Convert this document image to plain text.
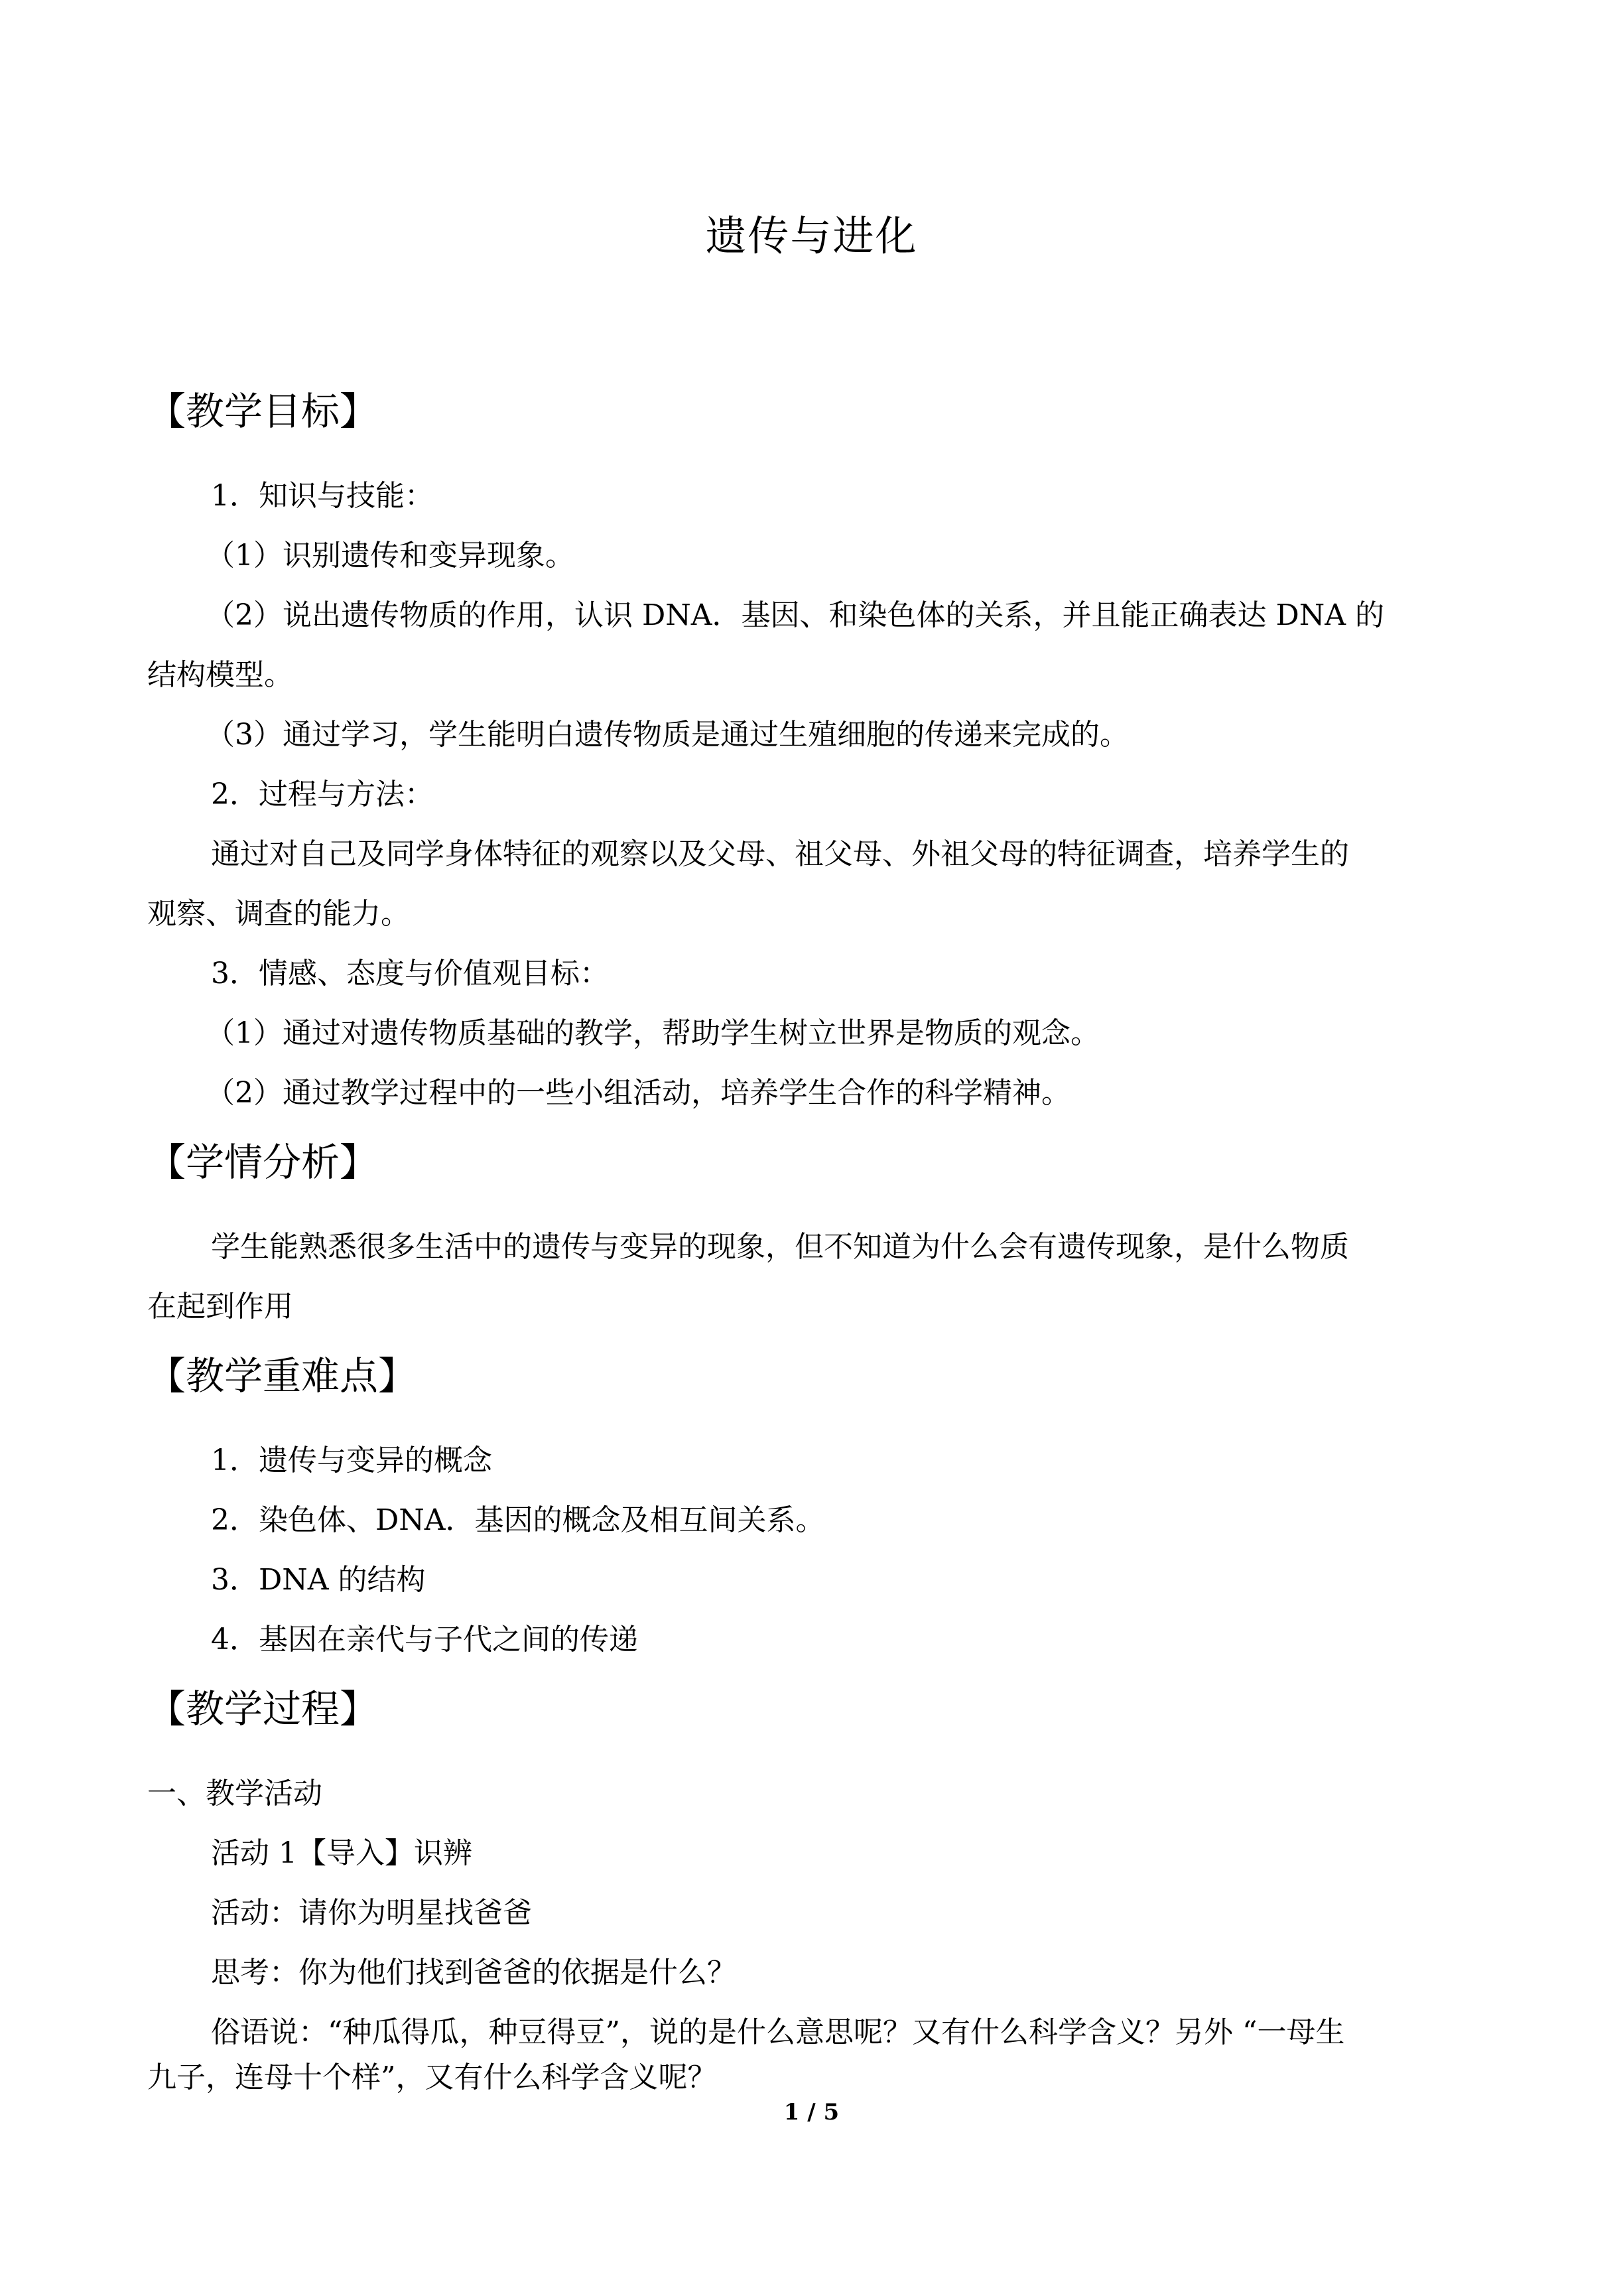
遗传与进化
【教学目标】
1．知识与技能：
（1）识别遗传和变异现象。
（2）说出遗传物质的作用，认识 DNA．基因、和染色体的关系，并且能正确表达 DNA 的
结构模型。
（3）通过学习，学生能明白遗传物质是通过生殖细胞的传递来完成的。
2．过程与方法：
通过对自己及同学身体特征的观察以及父母、祖父母、外祖父母的特征调查，培养学生的
观察、调查的能力。
3．情感、态度与价值观目标：
（1）通过对遗传物质基础的教学，帮助学生树立世界是物质的观念。
（2）通过教学过程中的一些小组活动，培养学生合作的科学精神。
【学情分析】
学生能熟悉很多生活中的遗传与变异的现象，但不知道为什么会有遗传现象，是什么物质
在起到作用
【教学重难点】
1．遗传与变异的概念
2．染色体、DNA．基因的概念及相互间关系。
3．DNA 的结构
4．基因在亲代与子代之间的传递
【教学过程】
一、教学活动
活动 1【导入】识辨
活动：请你为明星找爸爸
思考：你为他们找到爸爸的依据是什么？
俗语说：“种瓜得瓜，种豆得豆”，说的是什么意思呢？又有什么科学含义？另外 “一母生
九子，连母十个样”，又有什么科学含义呢？
1 / 5
